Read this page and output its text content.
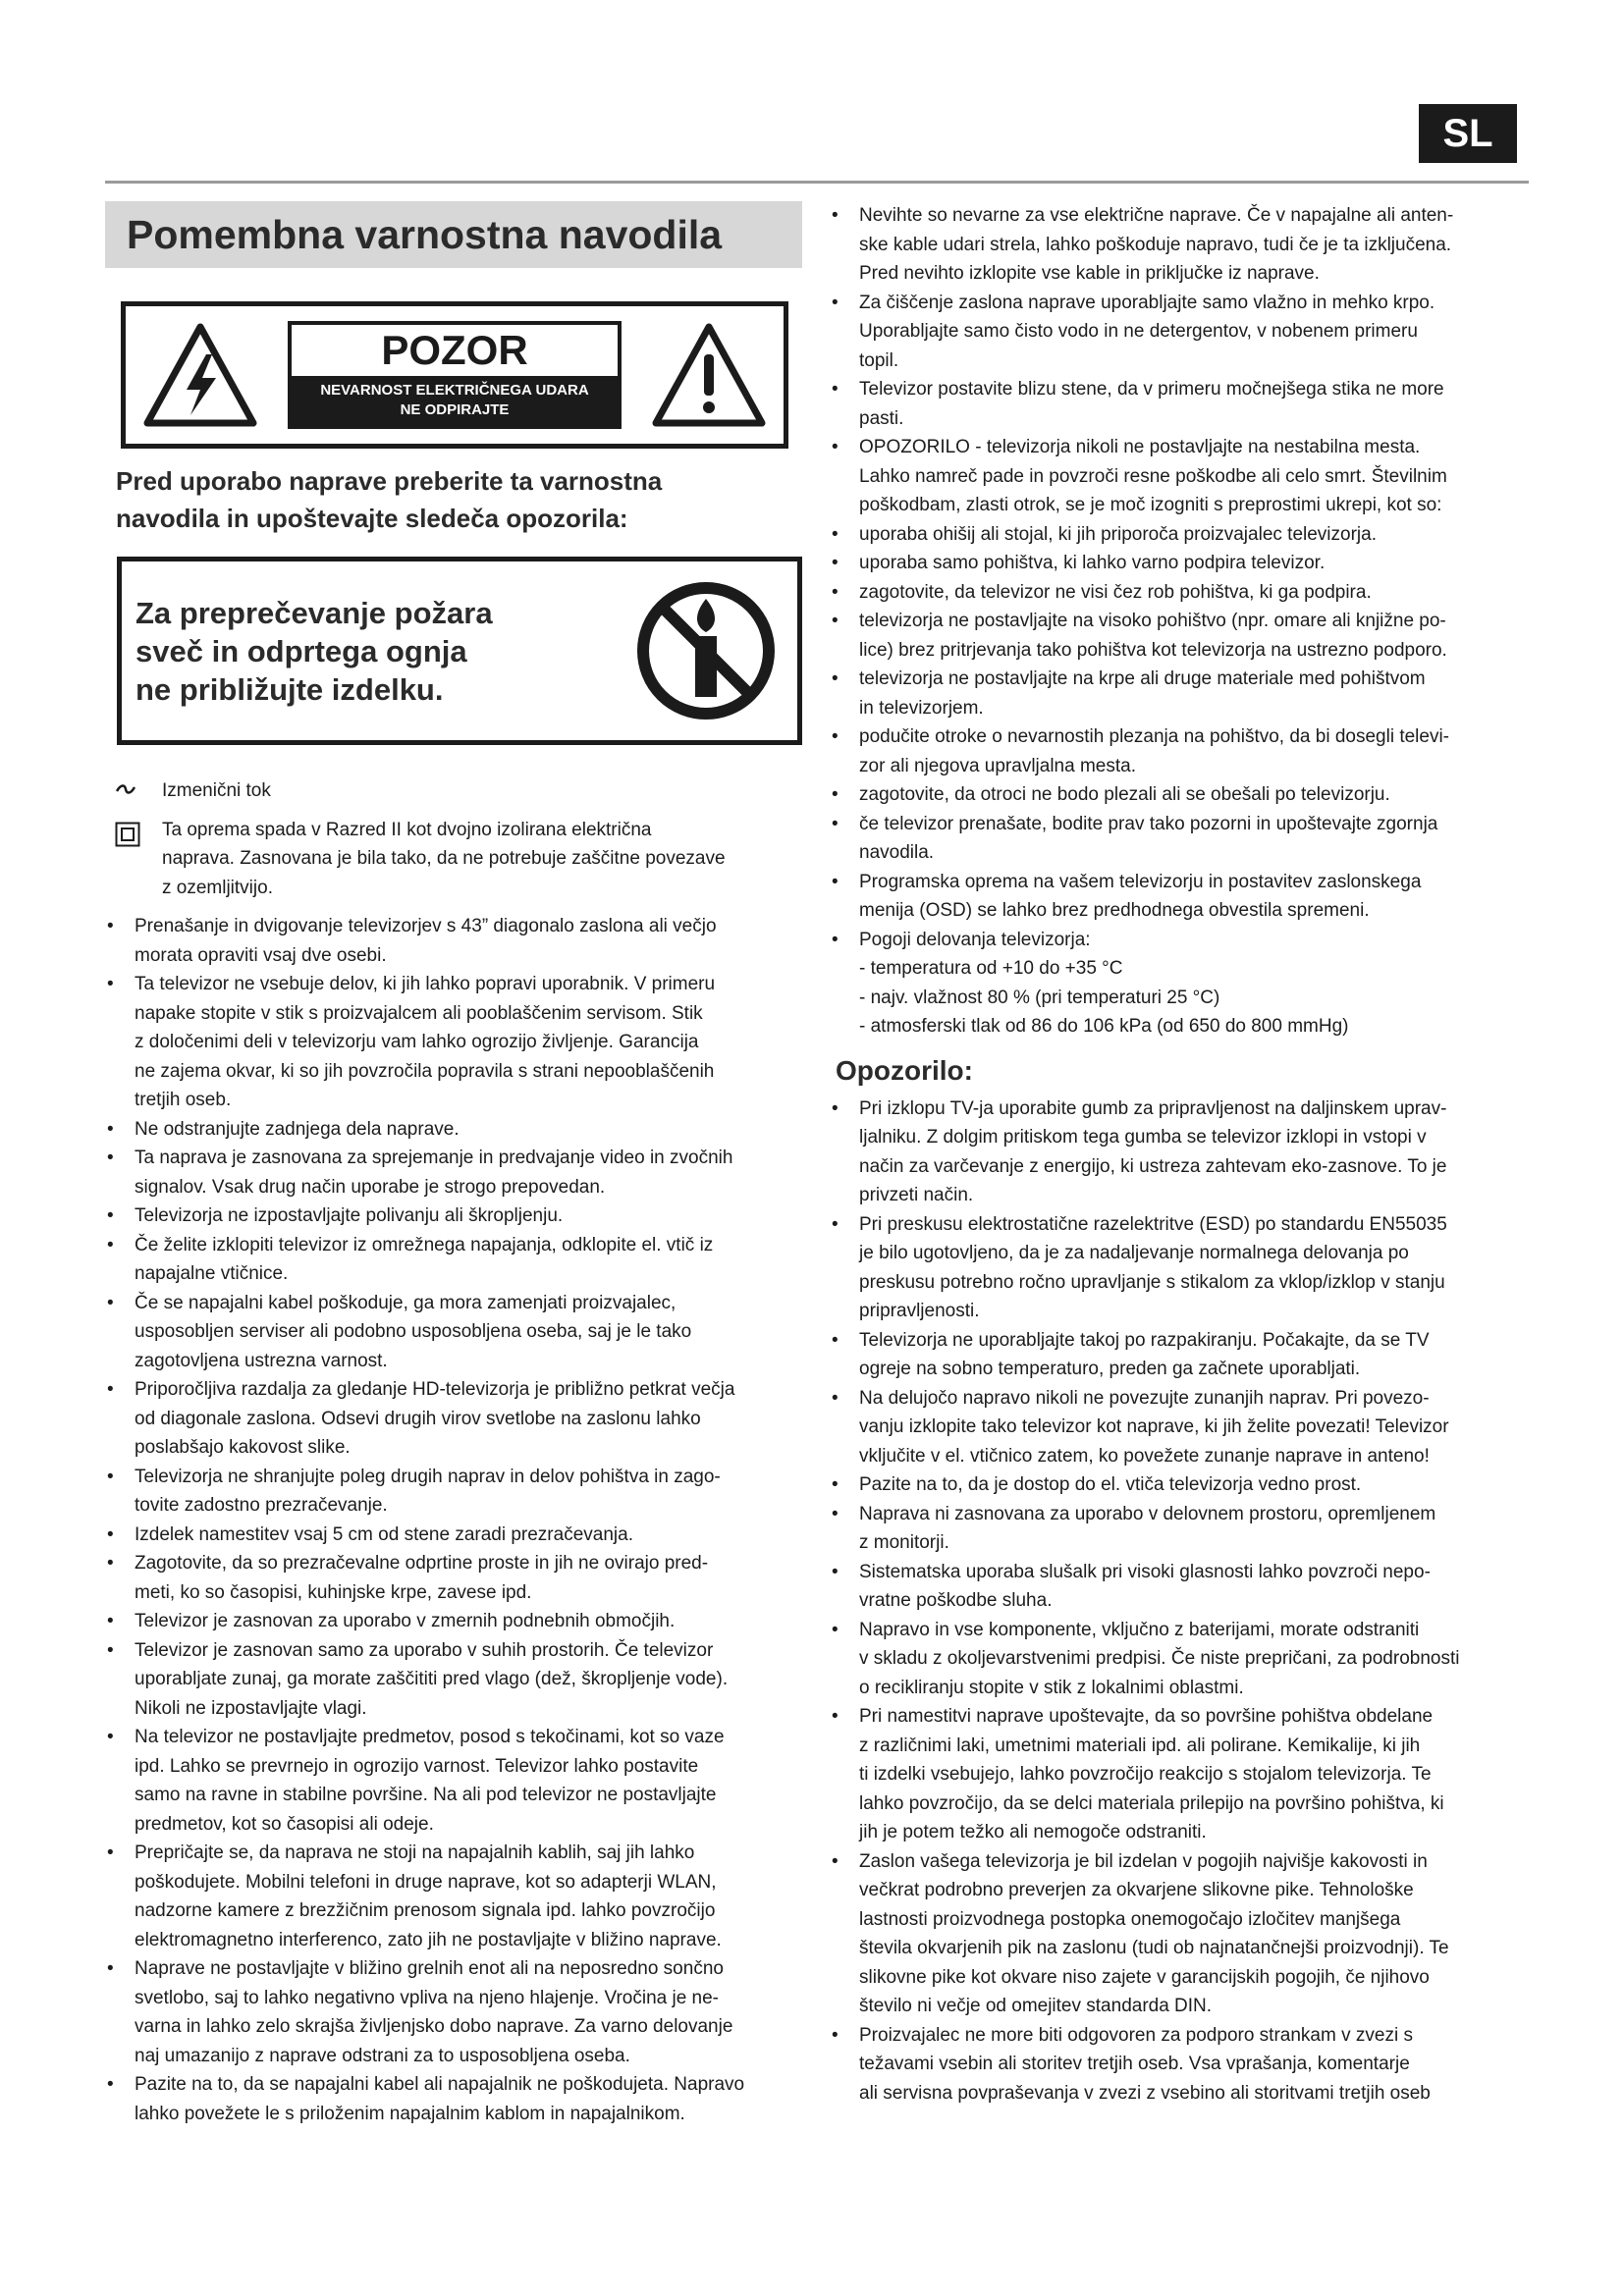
SL
Pomembna varnostna navodila
POZOR
NEVARNOST ELEKTRIČNEGA UDARA
NE ODPIRAJTE
Pred uporabo naprave preberite ta varnostna
navodila in upoštevajte sledeča opozorila:
Za preprečevanje požara
sveč in odprtega ognja
ne približujte izdelku.
Izmenični tok
Ta oprema spada v Razred II kot dvojno izolirana električna
naprava. Zasnovana je bila tako, da ne potrebuje zaščitne povezave
z ozemljitvijo.
• Prenašanje in dvigovanje televizorjev s 43” diagonalo zaslona ali večjo
morata opraviti vsaj dve osebi.
• Ta televizor ne vsebuje delov, ki jih lahko popravi uporabnik. V primeru
napake stopite v stik s proizvajalcem ali pooblaščenim servisom. Stik
z določenimi deli v televizorju vam lahko ogrozijo življenje. Garancija
ne zajema okvar, ki so jih povzročila popravila s strani nepooblaščenih
tretjih oseb.
• Ne odstranjujte zadnjega dela naprave.
• Ta naprava je zasnovana za sprejemanje in predvajanje video in zvočnih
signalov. Vsak drug način uporabe je strogo prepovedan.
• Televizorja ne izpostavljajte polivanju ali škropljenju.
• Če želite izklopiti televizor iz omrežnega napajanja, odklopite el. vtič iz
napajalne vtičnice.
• Če se napajalni kabel poškoduje, ga mora zamenjati proizvajalec,
usposobljen serviser ali podobno usposobljena oseba, saj je le tako
zagotovljena ustrezna varnost.
• Priporočljiva razdalja za gledanje HD-televizorja je približno petkrat večja
od diagonale zaslona. Odsevi drugih virov svetlobe na zaslonu lahko
poslabšajo kakovost slike.
• Televizorja ne shranjujte poleg drugih naprav in delov pohištva in zago-
tovite zadostno prezračevanje.
• Izdelek namestitev vsaj 5 cm od stene zaradi prezračevanja.
• Zagotovite, da so prezračevalne odprtine proste in jih ne ovirajo pred-
meti, ko so časopisi, kuhinjske krpe, zavese ipd.
• Televizor je zasnovan za uporabo v zmernih podnebnih območjih.
• Televizor je zasnovan samo za uporabo v suhih prostorih. Če televizor
uporabljate zunaj, ga morate zaščititi pred vlago (dež, škropljenje vode).
Nikoli ne izpostavljajte vlagi.
• Na televizor ne postavljajte predmetov, posod s tekočinami, kot so vaze
ipd. Lahko se prevrnejo in ogrozijo varnost. Televizor lahko postavite
samo na ravne in stabilne površine. Na ali pod televizor ne postavljajte
predmetov, kot so časopisi ali odeje.
• Prepričajte se, da naprava ne stoji na napajalnih kablih, saj jih lahko
poškodujete. Mobilni telefoni in druge naprave, kot so adapterji WLAN,
nadzorne kamere z brezžičnim prenosom signala ipd. lahko povzročijo
elektromagnetno interferenco, zato jih ne postavljajte v bližino naprave.
• Naprave ne postavljajte v bližino grelnih enot ali na neposredno sončno
svetlobo, saj to lahko negativno vpliva na njeno hlajenje. Vročina je ne-
varna in lahko zelo skrajša življenjsko dobo naprave. Za varno delovanje
naj umazanijo z naprave odstrani za to usposobljena oseba.
• Pazite na to, da se napajalni kabel ali napajalnik ne poškodujeta. Napravo
lahko povežete le s priloženim napajalnim kablom in napajalnikom.
• Nevihte so nevarne za vse električne naprave. Če v napajalne ali anten-
ske kable udari strela, lahko poškoduje napravo, tudi če je ta izključena.
Pred nevihto izklopite vse kable in priključke iz naprave.
• Za čiščenje zaslona naprave uporabljajte samo vlažno in mehko krpo.
Uporabljajte samo čisto vodo in ne detergentov, v nobenem primeru
topil.
• Televizor postavite blizu stene, da v primeru močnejšega stika ne more
pasti.
• OPOZORILO - televizorja nikoli ne postavljajte na nestabilna mesta.
Lahko namreč pade in povzroči resne poškodbe ali celo smrt. Številnim
poškodbam, zlasti otrok, se je moč izogniti s preprostimi ukrepi, kot so:
• uporaba ohišij ali stojal, ki jih priporoča proizvajalec televizorja.
• uporaba samo pohištva, ki lahko varno podpira televizor.
• zagotovite, da televizor ne visi čez rob pohištva, ki ga podpira.
• televizorja ne postavljajte na visoko pohištvo (npr. omare ali knjižne po-
lice) brez pritrjevanja tako pohištva kot televizorja na ustrezno podporo.
• televizorja ne postavljajte na krpe ali druge materiale med pohištvom
in televizorjem.
• podučite otroke o nevarnostih plezanja na pohištvo, da bi dosegli televi-
zor ali njegova upravljalna mesta.
• zagotovite, da otroci ne bodo plezali ali se obešali po televizorju.
• če televizor prenašate, bodite prav tako pozorni in upoštevajte zgornja
navodila.
• Programska oprema na vašem televizorju in postavitev zaslonskega
menija (OSD) se lahko brez predhodnega obvestila spremeni.
• Pogoji delovanja televizorja:
- temperatura od +10 do +35 °C
- najv. vlažnost 80 % (pri temperaturi 25 °C)
- atmosferski tlak od 86 do 106 kPa (od 650 do 800 mmHg)
Opozorilo:
• Pri izklopu TV-ja uporabite gumb za pripravljenost na daljinskem uprav-
ljalniku. Z dolgim pritiskom tega gumba se televizor izklopi in vstopi v
način za varčevanje z energijo, ki ustreza zahtevam eko-zasnove. To je
privzeti način.
• Pri preskusu elektrostatične razelektritve (ESD) po standardu EN55035
je bilo ugotovljeno, da je za nadaljevanje normalnega delovanja po
preskusu potrebno ročno upravljanje s stikalom za vklop/izklop v stanju
pripravljenosti.
• Televizorja ne uporabljajte takoj po razpakiranju. Počakajte, da se TV
ogreje na sobno temperaturo, preden ga začnete uporabljati.
• Na delujočo napravo nikoli ne povezujte zunanjih naprav. Pri povezo-
vanju izklopite tako televizor kot naprave, ki jih želite povezati! Televizor
vključite v el. vtičnico zatem, ko povežete zunanje naprave in anteno!
• Pazite na to, da je dostop do el. vtiča televizorja vedno prost.
• Naprava ni zasnovana za uporabo v delovnem prostoru, opremljenem
z monitorji.
• Sistematska uporaba slušalk pri visoki glasnosti lahko povzroči nepo-
vratne poškodbe sluha.
• Napravo in vse komponente, vključno z baterijami, morate odstraniti
v skladu z okoljevarstvenimi predpisi. Če niste prepričani, za podrobnosti
o recikliranju stopite v stik z lokalnimi oblastmi.
• Pri namestitvi naprave upoštevajte, da so površine pohištva obdelane
z različnimi laki, umetnimi materiali ipd. ali polirane. Kemikalije, ki jih
ti izdelki vsebujejo, lahko povzročijo reakcijo s stojalom televizorja. Te
lahko povzročijo, da se delci materiala prilepijo na površino pohištva, ki
jih je potem težko ali nemogoče odstraniti.
• Zaslon vašega televizorja je bil izdelan v pogojih najvišje kakovosti in
večkrat podrobno preverjen za okvarjene slikovne pike. Tehnološke
lastnosti proizvodnega postopka onemogočajo izločitev manjšega
števila okvarjenih pik na zaslonu (tudi ob najnatančnejši proizvodnji). Te
slikovne pike kot okvare niso zajete v garancijskih pogojih, če njihovo
število ni večje od omejitev standarda DIN.
• Proizvajalec ne more biti odgovoren za podporo strankam v zvezi s
težavami vsebin ali storitev tretjih oseb. Vsa vprašanja, komentarje
ali servisna povpraševanja v zvezi z vsebino ali storitvami tretjih oseb
